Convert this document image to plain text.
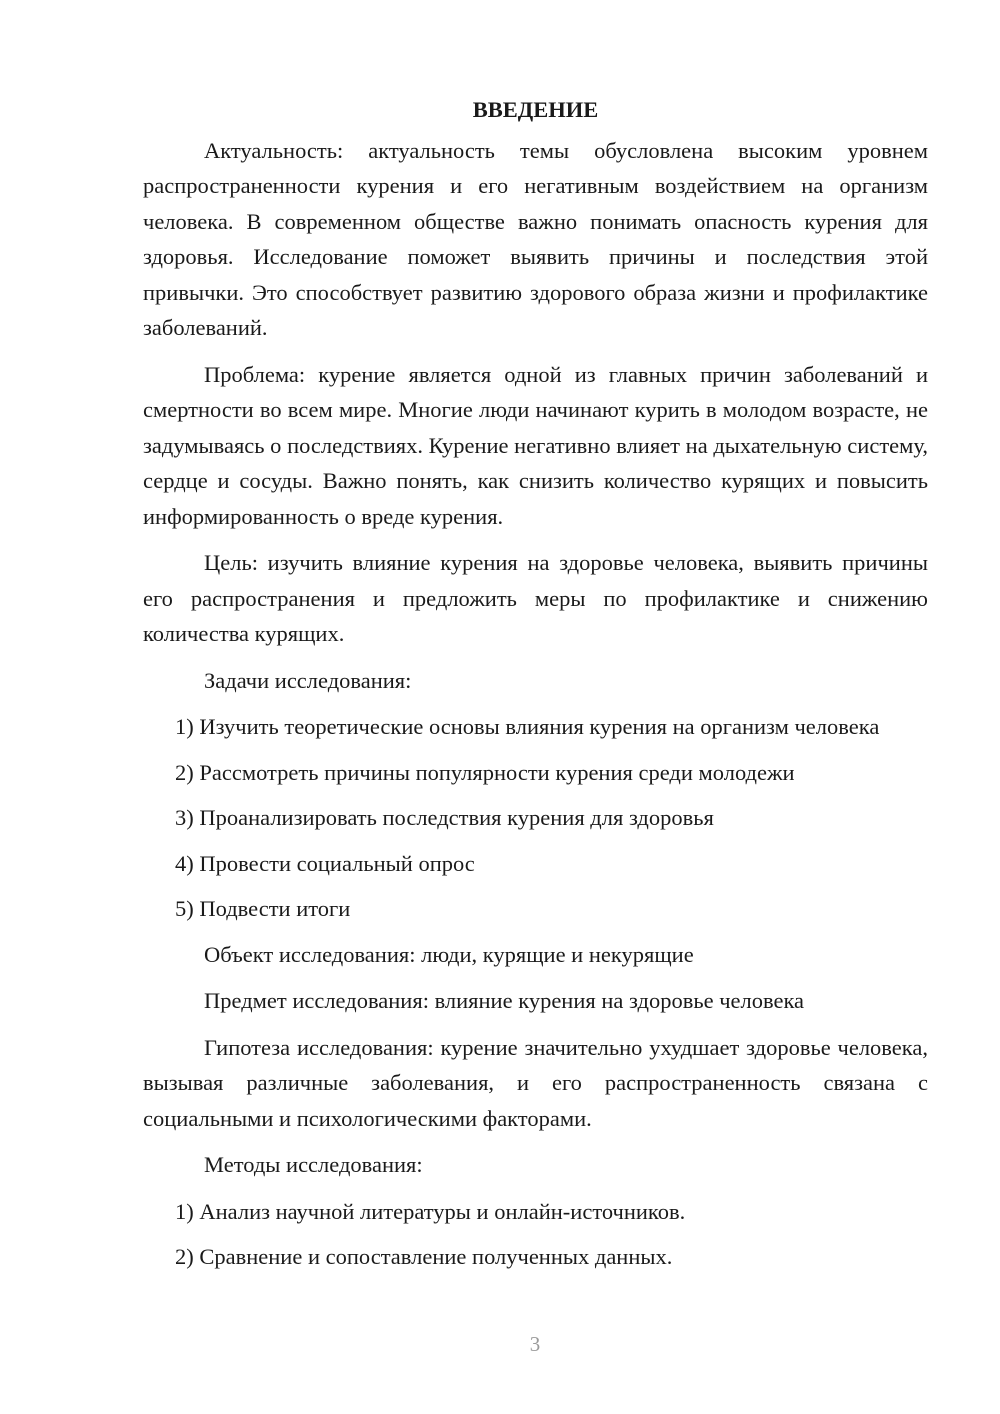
ВВЕДЕНИЕ

Актуальность: актуальность темы обусловлена высоким уровнем распространенности курения и его негативным воздействием на организм человека. В современном обществе важно понимать опасность курения для здоровья. Исследование поможет выявить причины и последствия этой привычки. Это способствует развитию здорового образа жизни и профилактике заболеваний.

Проблема: курение является одной из главных причин заболеваний и смертности во всем мире. Многие люди начинают курить в молодом возрасте, не задумываясь о последствиях. Курение негативно влияет на дыхательную систему, сердце и сосуды. Важно понять, как снизить количество курящих и повысить информированность о вреде курения.

Цель: изучить влияние курения на здоровье человека, выявить причины его распространения и предложить меры по профилактике и снижению количества курящих.

Задачи исследования:

1) Изучить теоретические основы влияния курения на организм человека

2) Рассмотреть причины популярности курения среди молодежи

3) Проанализировать последствия курения для здоровья

4) Провести социальный опрос

5) Подвести итоги

Объект исследования: люди, курящие и некурящие

Предмет исследования: влияние курения на здоровье человека

Гипотеза исследования: курение значительно ухудшает здоровье человека, вызывая различные заболевания, и его распространенность связана с социальными и психологическими факторами.

Методы исследования:

1) Анализ научной литературы и онлайн-источников.

2) Сравнение и сопоставление полученных данных.

3
